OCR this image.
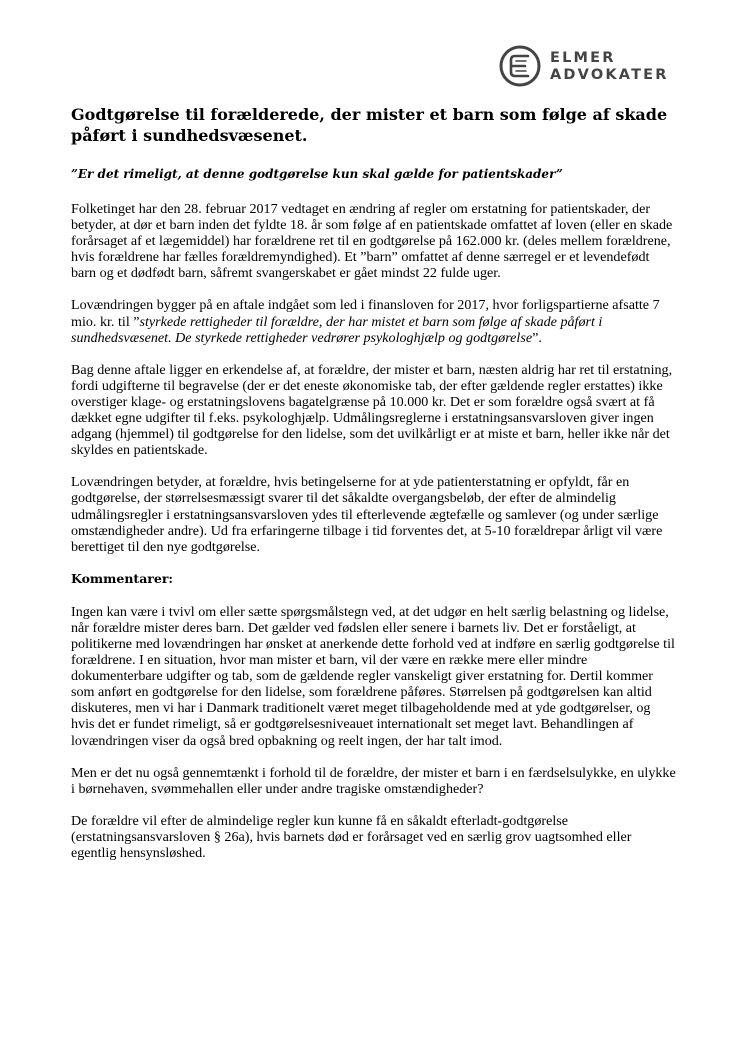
ELMER
ADVOKATER
Godtgørelse til forælderede, der mister et barn som følge af skade påført i sundhedsvæsenet.
”Er det rimeligt, at denne godtgørelse kun skal gælde for patientskader”

Folketinget har den 28. februar 2017 vedtaget en ændring af regler om erstatning for patientskader, der betyder, at dør et barn inden det fyldte 18. år som følge af en patientskade omfattet af loven (eller en skade forårsaget af et lægemiddel) har forældrene ret til en godtgørelse på 162.000 kr. (deles mellem forældrene, hvis forældrene har fælles forældremyndighed). Et ”barn” omfattet af denne særregel er et levendefødt barn og et dødfødt barn, såfremt svangerskabet er gået mindst 22 fulde uger.

Lovændringen bygger på en aftale indgået som led i finansloven for 2017, hvor forligspartierne afsatte 7 mio. kr. til ”styrkede rettigheder til forældre, der har mistet et barn som følge af skade påført i sundhedsvæsenet. De styrkede rettigheder vedrører psykologhjælp og godtgørelse”.

Bag denne aftale ligger en erkendelse af, at forældre, der mister et barn, næsten aldrig har ret til erstatning, fordi udgifterne til begravelse (der er det eneste økonomiske tab, der efter gældende regler erstattes) ikke overstiger klage- og erstatningslovens bagatelgrænse på 10.000 kr. Det er som forældre også svært at få dækket egne udgifter til f.eks. psykologhjælp. Udmålingsreglerne i erstatningsansvarsloven giver ingen adgang (hjemmel) til godtgørelse for den lidelse, som det uvilkårligt er at miste et barn, heller ikke når det skyldes en patientskade.

Lovændringen betyder, at forældre, hvis betingelserne for at yde patienterstatning er opfyldt, får en godtgørelse, der størrelsesmæssigt svarer til det såkaldte overgangsbeløb, der efter de almindelig udmålingsregler i erstatningsansvarsloven ydes til efterlevende ægtefælle og samlever (og under særlige omstændigheder andre). Ud fra erfaringerne tilbage i tid forventes det, at 5-10 forældrepar årligt vil være berettiget til den nye godtgørelse.

Kommentarer:

Ingen kan være i tvivl om eller sætte spørgsmålstegn ved, at det udgør en helt særlig belastning og lidelse, når forældre mister deres barn. Det gælder ved fødslen eller senere i barnets liv. Det er forståeligt, at politikerne med lovændringen har ønsket at anerkende dette forhold ved at indføre en særlig godtgørelse til forældrene. I en situation, hvor man mister et barn, vil der være en række mere eller mindre dokumenterbare udgifter og tab, som de gældende regler vanskeligt giver erstatning for. Dertil kommer som anført en godtgørelse for den lidelse, som forældrene påføres. Størrelsen på godtgørelsen kan altid diskuteres, men vi har i Danmark traditionelt været meget tilbageholdende med at yde godtgørelser, og hvis det er fundet rimeligt, så er godtgørelsesniveauet internationalt set meget lavt. Behandlingen af lovændringen viser da også bred opbakning og reelt ingen, der har talt imod.

Men er det nu også gennemtænkt i forhold til de forældre, der mister et barn i en færdselsulykke, en ulykke i børnehaven, svømmehallen eller under andre tragiske omstændigheder?

De forældre vil efter de almindelige regler kun kunne få en såkaldt efterladt-godtgørelse (erstatningsansvarsloven § 26a), hvis barnets død er forårsaget ved en særlig grov uagtsomhed eller egentlig hensynsløshed.
